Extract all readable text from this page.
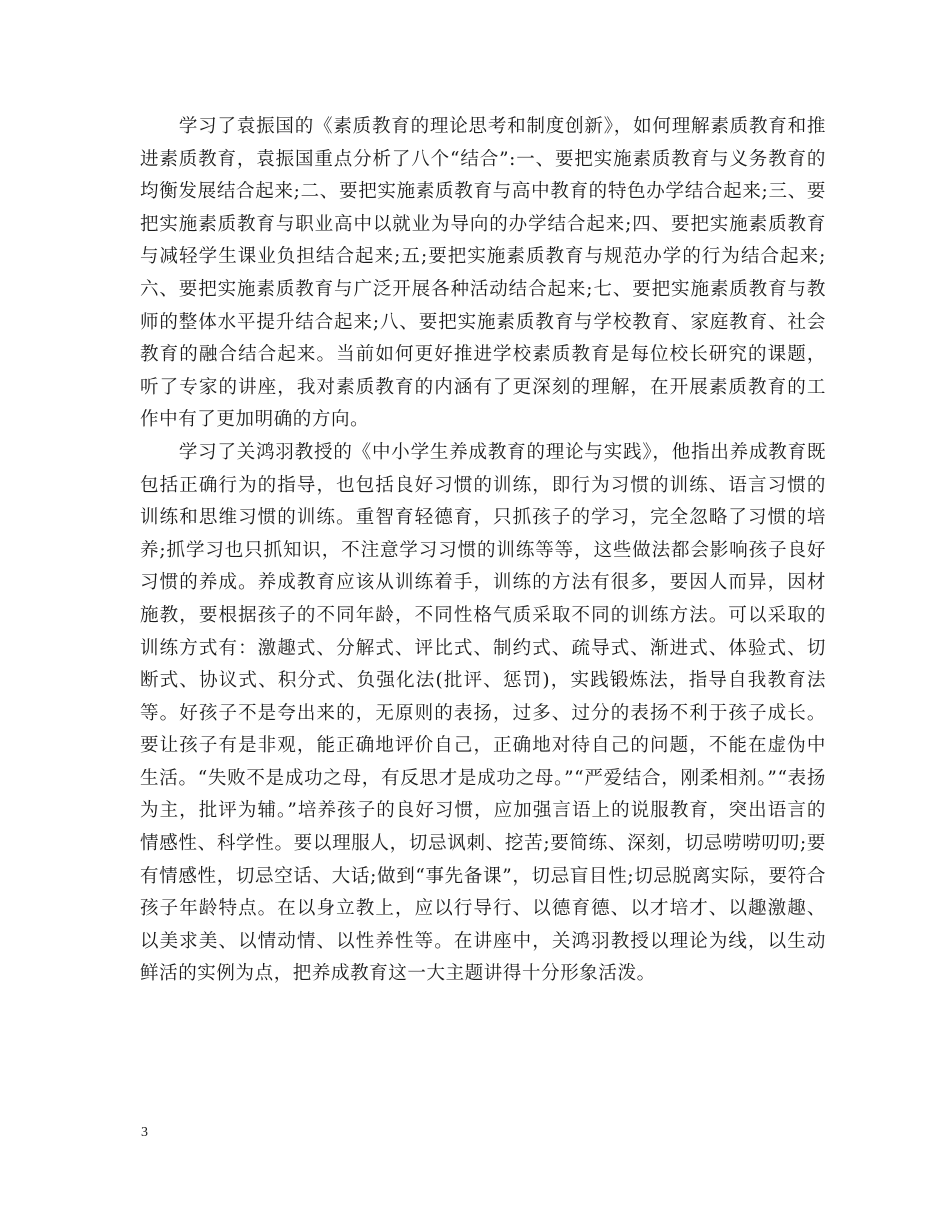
学习了袁振国的《素质教育的理论思考和制度创新》，如何理解素质教育和推进素质教育，袁振国重点分析了八个“结合”:一、要把实施素质教育与义务教育的均衡发展结合起来;二、要把实施素质教育与高中教育的特色办学结合起来;三、要把实施素质教育与职业高中以就业为导向的办学结合起来;四、要把实施素质教育与减轻学生课业负担结合起来;五;要把实施素质教育与规范办学的行为结合起来;六、要把实施素质教育与广泛开展各种活动结合起来;七、要把实施素质教育与教师的整体水平提升结合起来;八、要把实施素质教育与学校教育、家庭教育、社会教育的融合结合起来。当前如何更好推进学校素质教育是每位校长研究的课题，听了专家的讲座，我对素质教育的内涵有了更深刻的理解，在开展素质教育的工作中有了更加明确的方向。

学习了关鸿羽教授的《中小学生养成教育的理论与实践》，他指出养成教育既包括正确行为的指导，也包括良好习惯的训练，即行为习惯的训练、语言习惯的训练和思维习惯的训练。重智育轻德育，只抓孩子的学习，完全忽略了习惯的培养;抓学习也只抓知识，不注意学习习惯的训练等等，这些做法都会影响孩子良好习惯的养成。养成教育应该从训练着手，训练的方法有很多，要因人而异，因材施教，要根据孩子的不同年龄，不同性格气质采取不同的训练方法。可以采取的训练方式有：激趣式、分解式、评比式、制约式、疏导式、渐进式、体验式、切断式、协议式、积分式、负强化法(批评、惩罚)，实践锻炼法，指导自我教育法等。好孩子不是夸出来的，无原则的表扬，过多、过分的表扬不利于孩子成长。要让孩子有是非观，能正确地评价自己，正确地对待自己的问题，不能在虚伪中生活。“失败不是成功之母，有反思才是成功之母。”“严爱结合，刚柔相剂。”“表扬为主，批评为辅。”培养孩子的良好习惯，应加强言语上的说服教育，突出语言的情感性、科学性。要以理服人，切忌讽刺、挖苦;要简练、深刻，切忌唠唠叨叨;要有情感性，切忌空话、大话;做到“事先备课”，切忌盲目性;切忌脱离实际，要符合孩子年龄特点。在以身立教上，应以行导行、以德育德、以才培才、以趣激趣、以美求美、以情动情、以性养性等。在讲座中，关鸿羽教授以理论为线，以生动鲜活的实例为点，把养成教育这一大主题讲得十分形象活泼。

3
